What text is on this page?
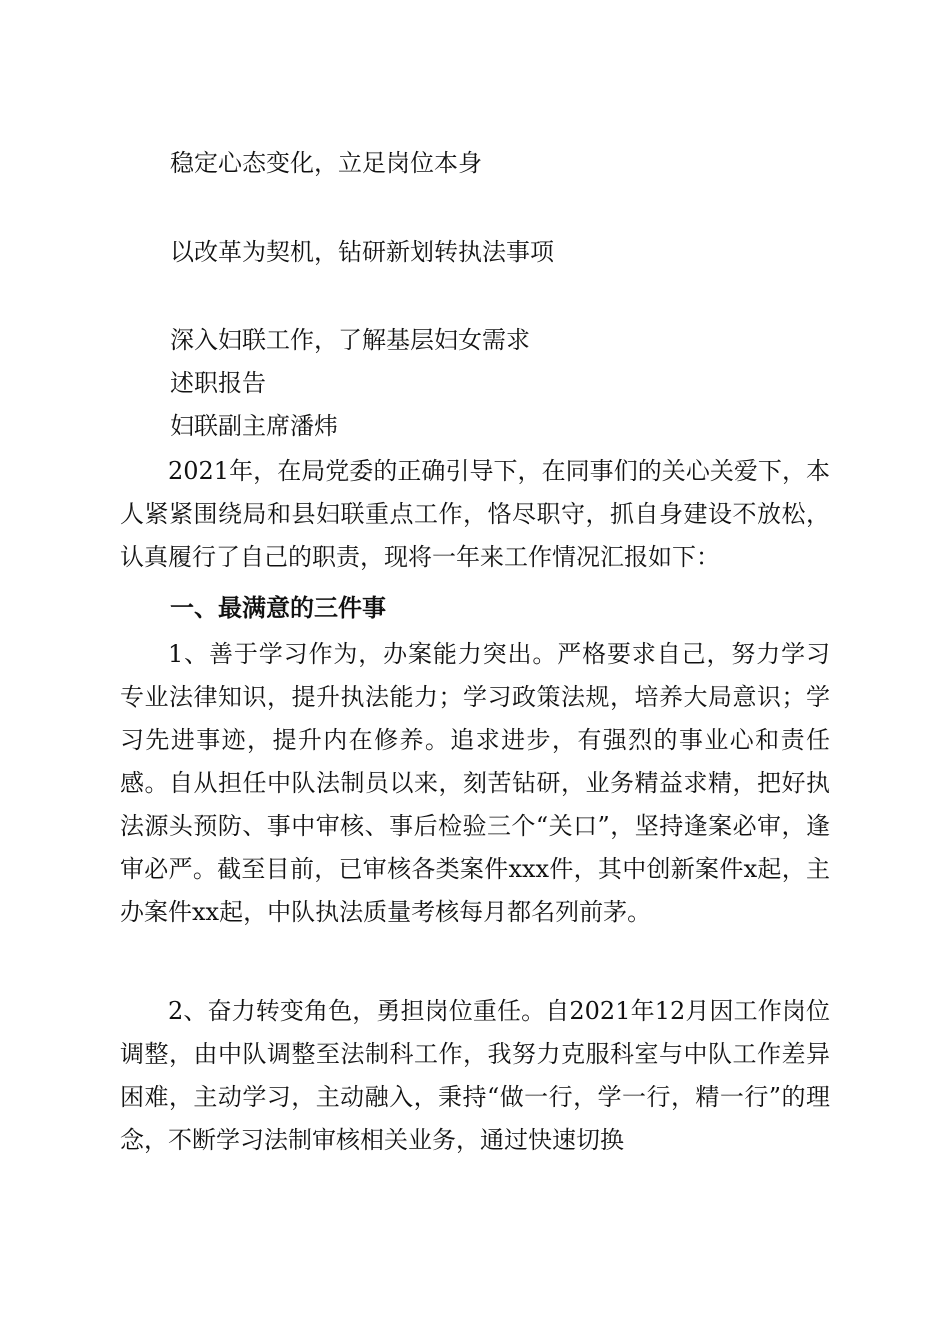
稳定心态变化，立足岗位本身
以改革为契机，钻研新划转执法事项
深入妇联工作，了解基层妇女需求
述职报告
妇联副主席潘炜
2021年，在局党委的正确引导下，在同事们的关心关爱下，本人紧紧围绕局和县妇联重点工作，恪尽职守，抓自身建设不放松，认真履行了自己的职责，现将一年来工作情况汇报如下：
一、最满意的三件事
1、善于学习作为，办案能力突出。严格要求自己，努力学习专业法律知识，提升执法能力；学习政策法规，培养大局意识；学习先进事迹，提升内在修养。追求进步，有强烈的事业心和责任感。自从担任中队法制员以来，刻苦钻研，业务精益求精，把好执法源头预防、事中审核、事后检验三个“关口”，坚持逢案必审，逢审必严。截至目前，已审核各类案件xxx件，其中创新案件x起，主办案件xx起，中队执法质量考核每月都名列前茅。
2、奋力转变角色，勇担岗位重任。自2021年12月因工作岗位调整，由中队调整至法制科工作，我努力克服科室与中队工作差异困难，主动学习，主动融入，秉持“做一行，学一行，精一行”的理念，不断学习法制审核相关业务，通过快速切换
